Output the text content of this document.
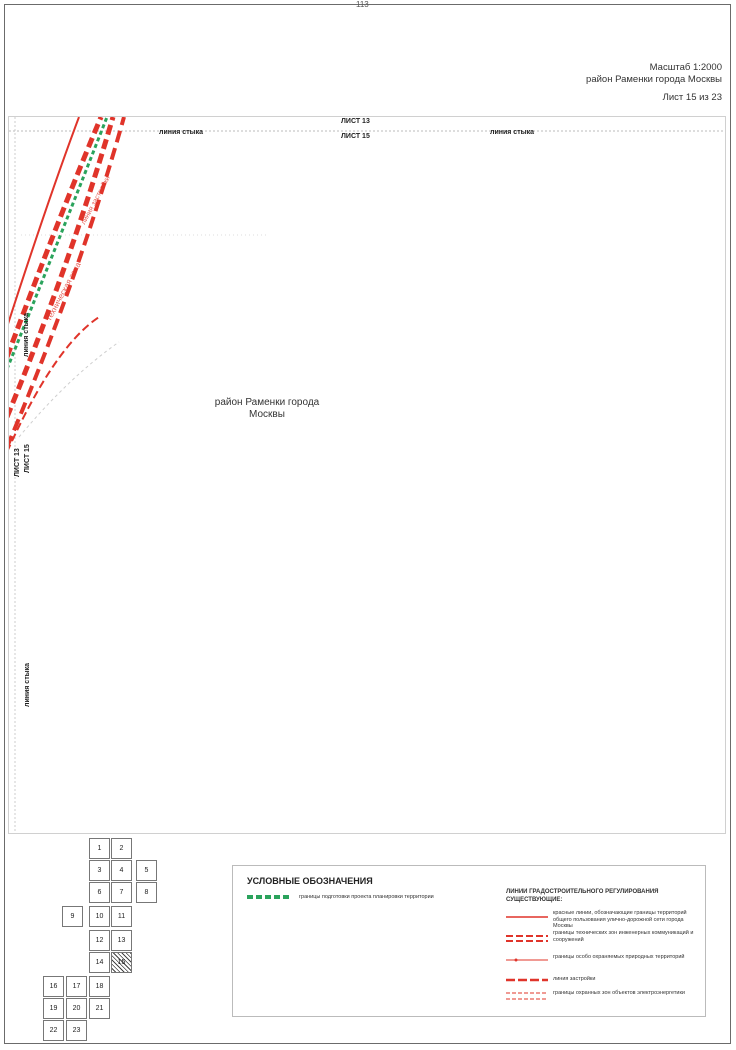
113
Масштаб 1:2000
район Раменки города Москвы
Лист 15 из 23
ЛИСТ 13
ЛИСТ 15
линия стыка	линия стыка
линия стыка
ЛИСТ 13 ЛИСТ 15
линия стыка
техническая зона
линия застройки
район Раменки города
Москвы
1	2
3	4	5
6	7	8
9	10	11
12	13
14	15
16	17	18
19	20	21
22	23
УСЛОВНЫЕ ОБОЗНАЧЕНИЯ
границы подготовки проекта планировки территории
ЛИНИИ ГРАДОСТРОИТЕЛЬНОГО РЕГУЛИРОВАНИЯ
СУЩЕСТВУЮЩИЕ:
красные линии, обозначающие границы территорий общего пользования улично-дорожной сети города Москвы
границы технических зон инженерных коммуникаций и сооружений
границы особо охраняемых природных территорий
линия застройки
границы охранных зон объектов электроэнергетики
